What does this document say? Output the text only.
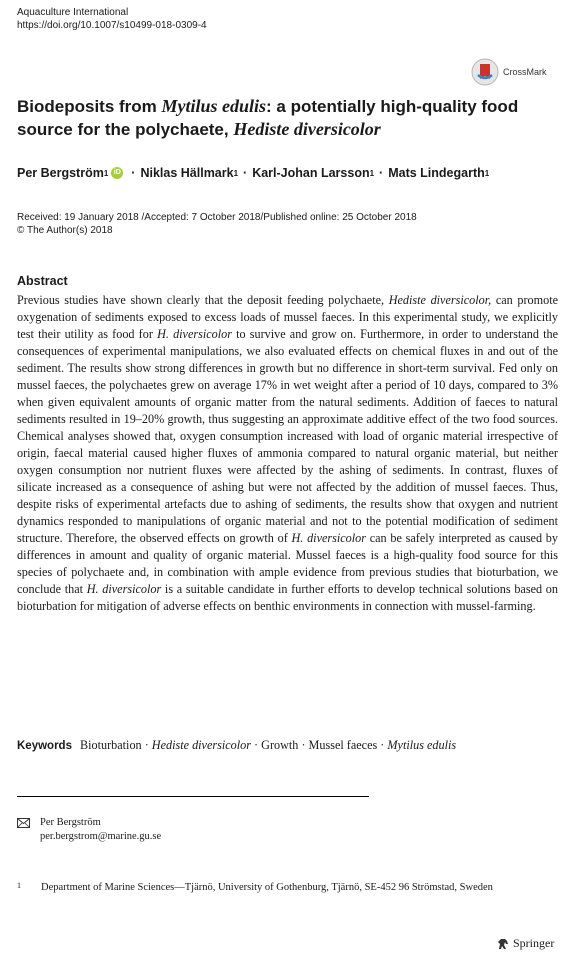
Aquaculture International
https://doi.org/10.1007/s10499-018-0309-4
CrossMark
Biodeposits from Mytilus edulis: a potentially high-quality food source for the polychaete, Hediste diversicolor
Per Bergström 1 iD · Niklas Hällmark 1 · Karl-Johan Larsson 1 · Mats Lindegarth 1
Received: 19 January 2018 /Accepted: 7 October 2018/Published online: 25 October 2018
© The Author(s) 2018
Abstract
Previous studies have shown clearly that the deposit feeding polychaete, Hediste diversicolor, can promote oxygenation of sediments exposed to excess loads of mussel faeces. In this experimental study, we explicitly test their utility as food for H. diversicolor to survive and grow on. Furthermore, in order to understand the consequences of experimental manipulations, we also evaluated effects on chemical fluxes in and out of the sediment. The results show strong differences in growth but no difference in short-term survival. Fed only on mussel faeces, the polychaetes grew on average 17% in wet weight after a period of 10 days, compared to 3% when given equivalent amounts of organic matter from the natural sediments. Addition of faeces to natural sediments resulted in 19–20% growth, thus suggesting an approximate additive effect of the two food sources. Chemical analyses showed that, oxygen consumption increased with load of organic material irrespective of origin, faecal material caused higher fluxes of ammonia compared to natural organic material, but neither oxygen consumption nor nutrient fluxes were affected by the ashing of sediments. In contrast, fluxes of silicate increased as a consequence of ashing but were not affected by the addition of mussel faeces. Thus, despite risks of experimental artefacts due to ashing of sediments, the results show that oxygen and nutrient dynamics responded to manipulations of organic material and not to the potential modification of sediment structure. Therefore, the observed effects on growth of H. diversicolor can be safely interpreted as caused by differences in amount and quality of organic material. Mussel faeces is a high-quality food source for this species of polychaete and, in combination with ample evidence from previous studies that bioturbation, we conclude that H. diversicolor is a suitable candidate in further efforts to develop technical solutions based on bioturbation for mitigation of adverse effects on benthic environments in connection with mussel-farming.
Keywords Bioturbation · Hediste diversicolor · Growth · Mussel faeces · Mytilus edulis
Per Bergström
per.bergstrom@marine.gu.se
1	Department of Marine Sciences—Tjärnö, University of Gothenburg, Tjärnö, SE-452 96 Strömstad, Sweden
Springer
